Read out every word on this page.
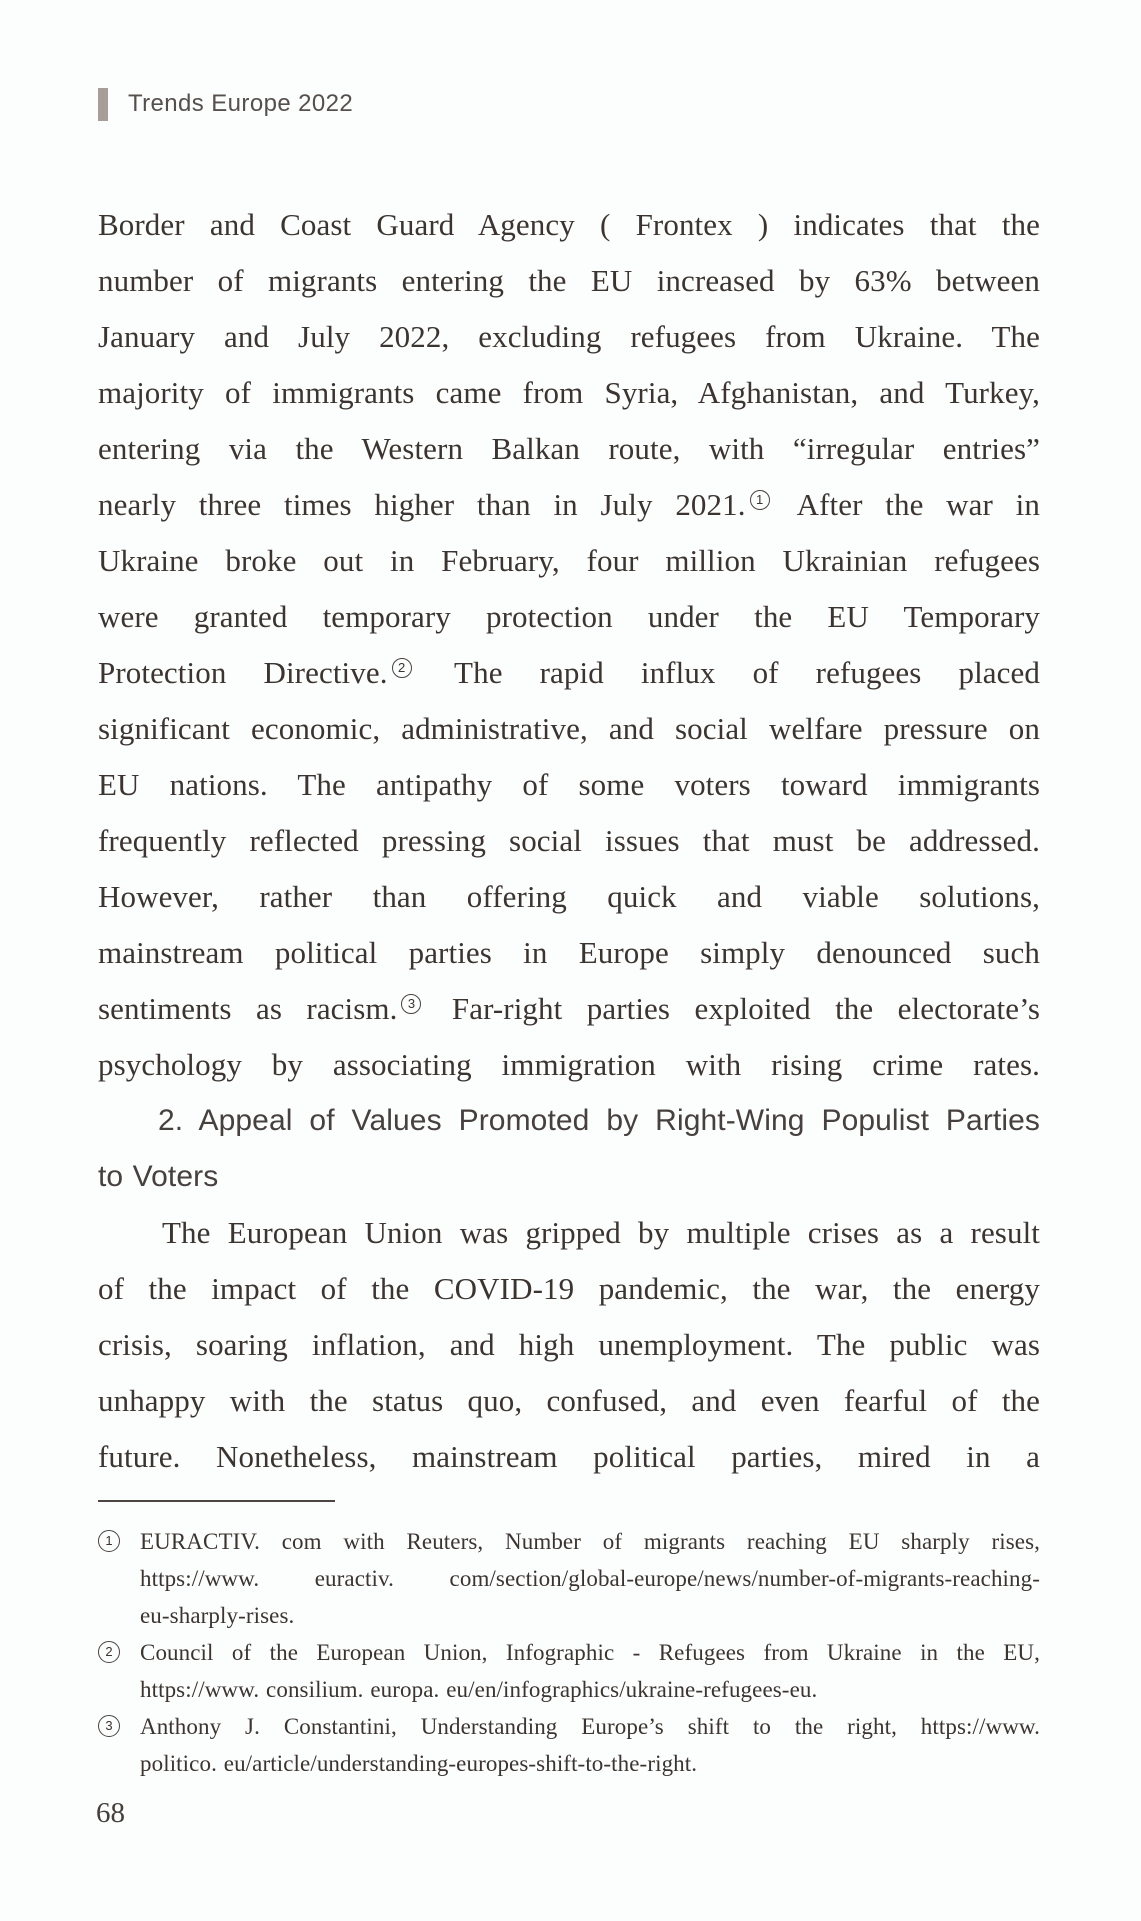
Trends Europe 2022
Border and Coast Guard Agency ( Frontex ) indicates that the
number of migrants entering the EU increased by 63% between
January and July 2022, excluding refugees from Ukraine. The
majority of immigrants came from Syria, Afghanistan, and Turkey,
entering via the Western Balkan route, with “irregular entries”
nearly three times higher than in July 2021. 1 After the war in
Ukraine broke out in February, four million Ukrainian refugees
were granted temporary protection under the EU Temporary
Protection Directive. 2 The rapid influx of refugees placed
significant economic, administrative, and social welfare pressure on
EU nations. The antipathy of some voters toward immigrants
frequently reflected pressing social issues that must be addressed.
However, rather than offering quick and viable solutions,
mainstream political parties in Europe simply denounced such
sentiments as racism. 3 Far-right parties exploited the electorate’s
psychology by associating immigration with rising crime rates.
2. Appeal of Values Promoted by Right-Wing Populist Parties
to Voters
The European Union was gripped by multiple crises as a result
of the impact of the COVID-19 pandemic, the war, the energy
crisis, soaring inflation, and high unemployment. The public was
unhappy with the status quo, confused, and even fearful of the
future. Nonetheless, mainstream political parties, mired in a
1	EURACTIV. com with Reuters, Number of migrants reaching EU sharply rises,
https://www. euractiv. com/section/global-europe/news/number-of-migrants-reaching-
eu-sharply-rises.
2	Council of the European Union, Infographic - Refugees from Ukraine in the EU,
https://www. consilium. europa. eu/en/infographics/ukraine-refugees-eu.
3	Anthony J. Constantini, Understanding Europe’s shift to the right, https://www.
politico. eu/article/understanding-europes-shift-to-the-right.
68
